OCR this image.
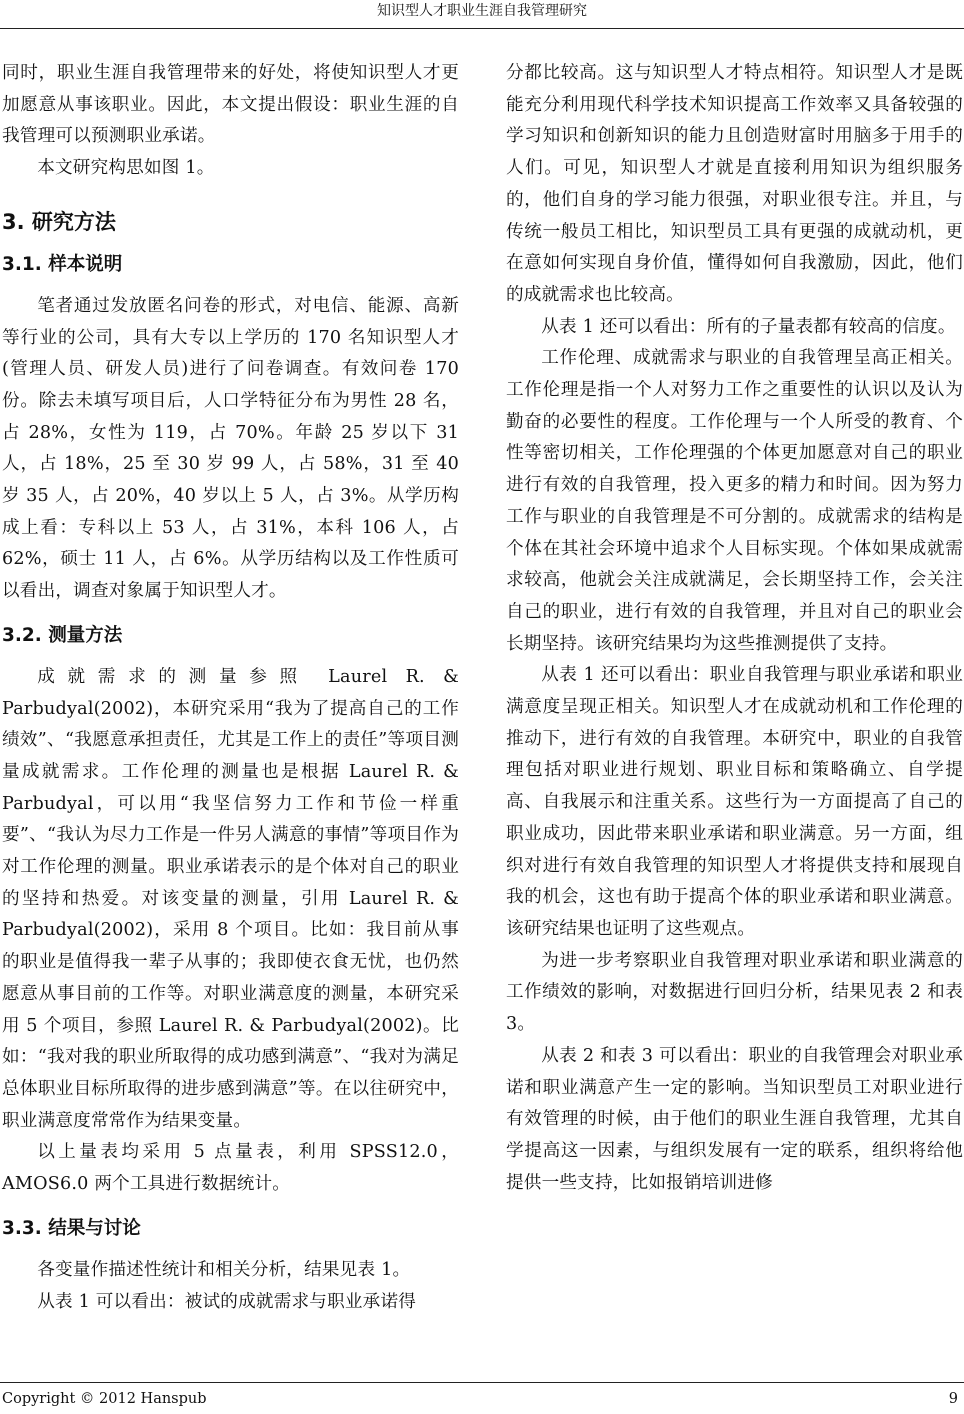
知识型人才职业生涯自我管理研究

同时，职业生涯自我管理带来的好处，将使知识型人才更加愿意从事该职业。因此，本文提出假设：职业生涯的自我管理可以预测职业承诺。

本文研究构思如图 1。

3. 研究方法
3.1. 样本说明

笔者通过发放匿名问卷的形式，对电信、能源、高新等行业的公司，具有大专以上学历的 170 名知识型人才(管理人员、研发人员)进行了问卷调查。有效问卷 170 份。除去未填写项目后，人口学特征分布为男性 28 名，占 28%，女性为 119，占 70%。年龄 25 岁以下 31 人，占 18%，25 至 30 岁 99 人，占 58%，31 至 40 岁 35 人，占 20%，40 岁以上 5 人，占 3%。从学历构成上看：专科以上 53 人，占 31%，本科 106 人，占 62%，硕士 11 人，占 6%。从学历结构以及工作性质可以看出，调查对象属于知识型人才。

3.2. 测量方法

成就需求的测量参照 Laurel R. & Parbudyal(2002)，本研究采用“我为了提高自己的工作绩效”、“我愿意承担责任，尤其是工作上的责任”等项目测量成就需求。工作伦理的测量也是根据 Laurel R. & Parbudyal，可以用“我坚信努力工作和节俭一样重要”、“我认为尽力工作是一件另人满意的事情”等项目作为对工作伦理的测量。职业承诺表示的是个体对自己的职业的坚持和热爱。对该变量的测量，引用 Laurel R. & Parbudyal(2002)，采用 8 个项目。比如：我目前从事的职业是值得我一辈子从事的；我即使衣食无忧，也仍然愿意从事目前的工作等。对职业满意度的测量，本研究采用 5 个项目，参照 Laurel R. & Parbudyal(2002)。比如：“我对我的职业所取得的成功感到满意”、“我对为满足总体职业目标所取得的进步感到满意”等。在以往研究中，职业满意度常常作为结果变量。

以上量表均采用 5 点量表，利用 SPSS12.0，AMOS6.0 两个工具进行数据统计。

3.3. 结果与讨论

各变量作描述性统计和相关分析，结果见表 1。

从表 1 可以看出：被试的成就需求与职业承诺得

分都比较高。这与知识型人才特点相符。知识型人才是既能充分利用现代科学技术知识提高工作效率又具备较强的学习知识和创新知识的能力且创造财富时用脑多于用手的人们。可见，知识型人才就是直接利用知识为组织服务的，他们自身的学习能力很强，对职业很专注。并且，与传统一般员工相比，知识型员工具有更强的成就动机，更在意如何实现自身价值，懂得如何自我激励，因此，他们的成就需求也比较高。

从表 1 还可以看出：所有的子量表都有较高的信度。

工作伦理、成就需求与职业的自我管理呈高正相关。工作伦理是指一个人对努力工作之重要性的认识以及认为勤奋的必要性的程度。工作伦理与一个人所受的教育、个性等密切相关，工作伦理强的个体更加愿意对自己的职业进行有效的自我管理，投入更多的精力和时间。因为努力工作与职业的自我管理是不可分割的。成就需求的结构是个体在其社会环境中追求个人目标实现。个体如果成就需求较高，他就会关注成就满足，会长期坚持工作，会关注自己的职业，进行有效的自我管理，并且对自己的职业会长期坚持。该研究结果均为这些推测提供了支持。

从表 1 还可以看出：职业自我管理与职业承诺和职业满意度呈现正相关。知识型人才在成就动机和工作伦理的推动下，进行有效的自我管理。本研究中，职业的自我管理包括对职业进行规划、职业目标和策略确立、自学提高、自我展示和注重关系。这些行为一方面提高了自己的职业成功，因此带来职业承诺和职业满意。另一方面，组织对进行有效自我管理的知识型人才将提供支持和展现自我的机会，这也有助于提高个体的职业承诺和职业满意。该研究结果也证明了这些观点。

为进一步考察职业自我管理对职业承诺和职业满意的工作绩效的影响，对数据进行回归分析，结果见表 2 和表 3。

从表 2 和表 3 可以看出：职业的自我管理会对职业承诺和职业满意产生一定的影响。当知识型员工对职业进行有效管理的时候，由于他们的职业生涯自我管理，尤其自学提高这一因素，与组织发展有一定的联系，组织将给他提供一些支持，比如报销培训进修

Copyright © 2012 Hanspub	9
